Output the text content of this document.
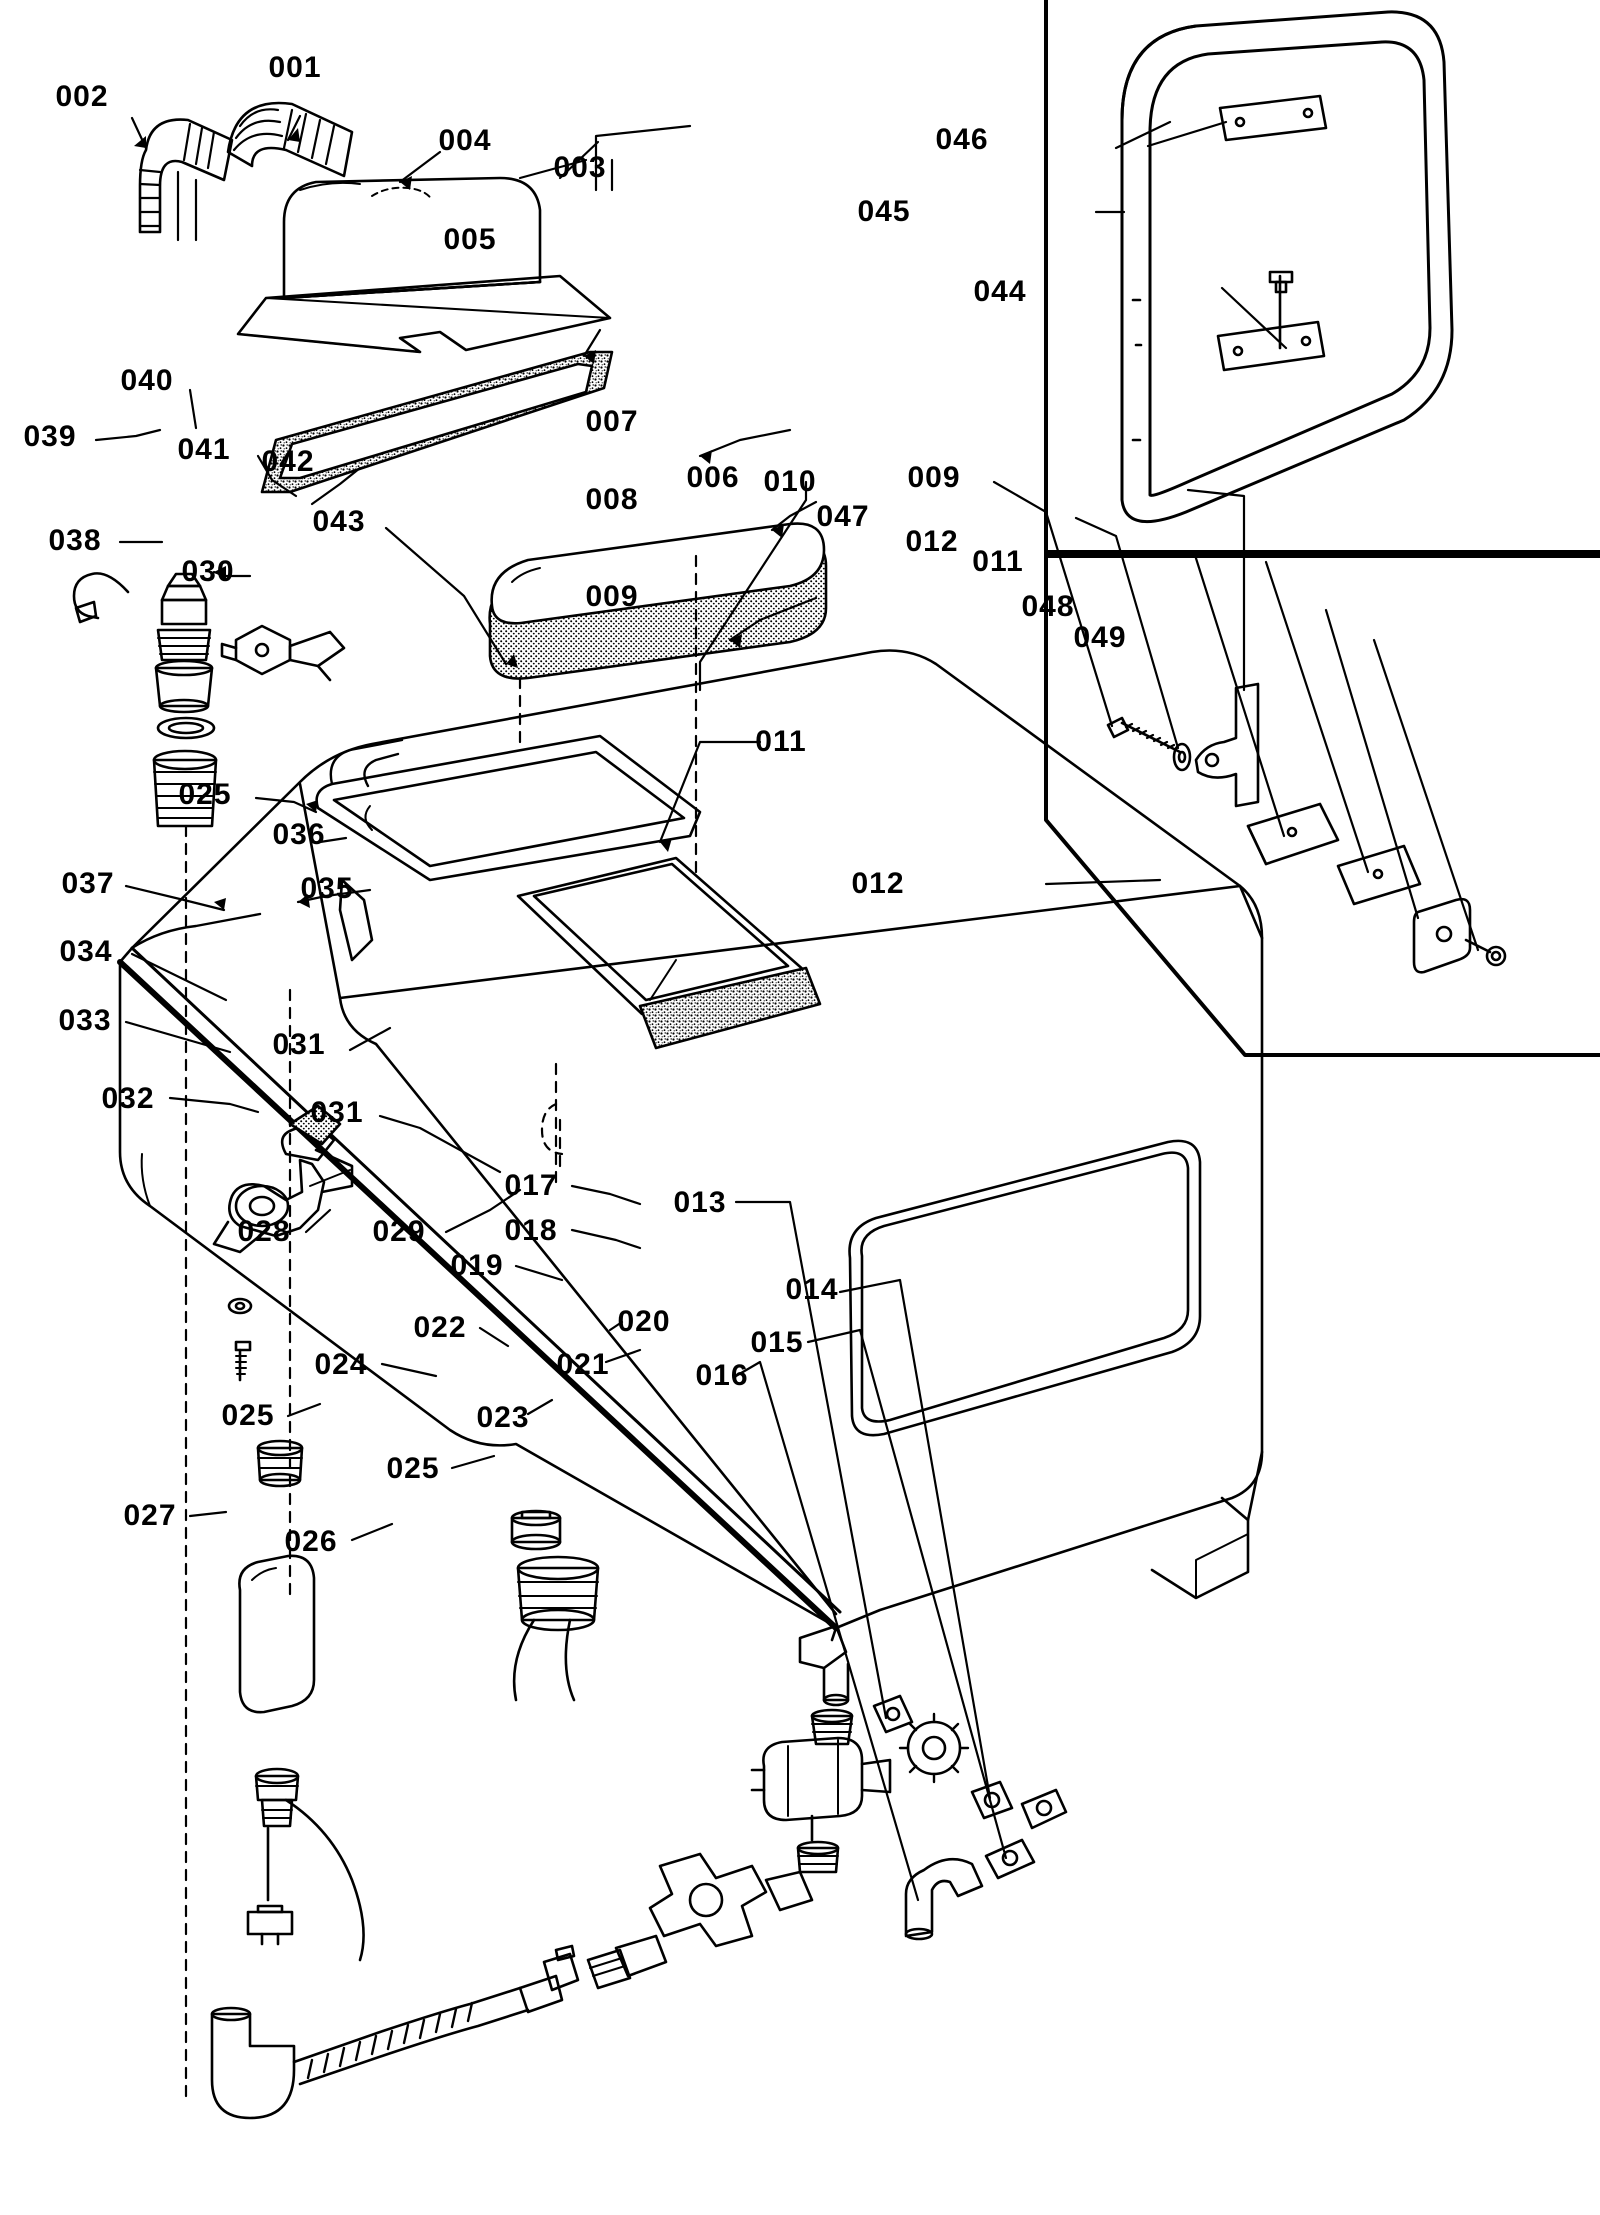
001
002
003
004
005
006
007
008
009
011
012
013
014
015
016
017
018
019
020
021
022
023
024
025
025
025
026
027
028	029
030
031
031
032
033
034
035
036
037
038
039
040
041 042
043
044
045
046
047
048
049
009
010
011
012
